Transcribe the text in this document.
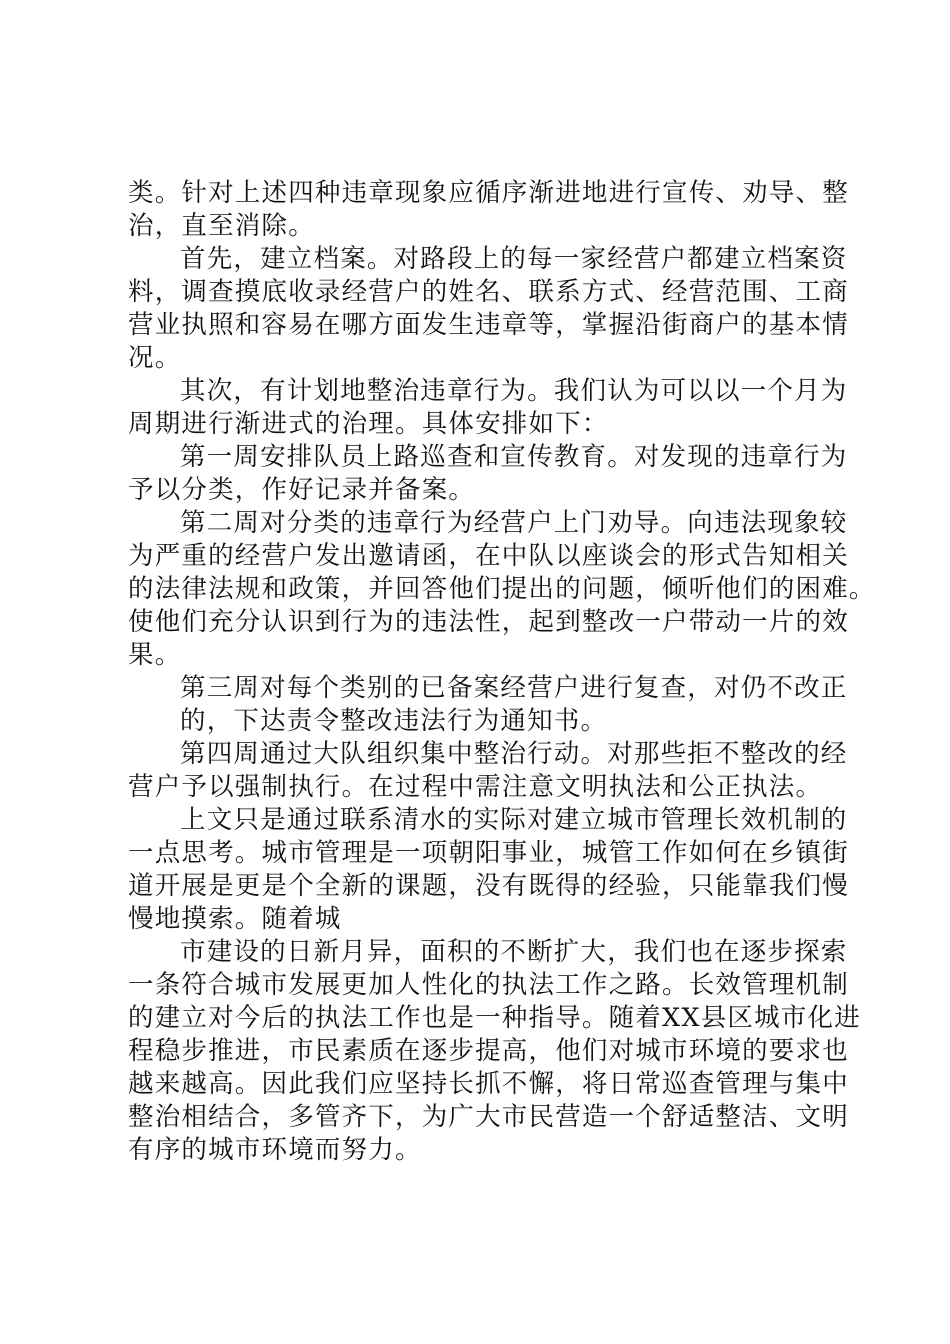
类。针对上述四种违章现象应循序渐进地进行宣传、劝导、整
治，直至消除。
首先，建立档案。对路段上的每一家经营户都建立档案资
料，调查摸底收录经营户的姓名、联系方式、经营范围、工商
营业执照和容易在哪方面发生违章等，掌握沿街商户的基本情
况。
其次，有计划地整治违章行为。我们认为可以以一个月为
周期进行渐进式的治理。具体安排如下：
第一周安排队员上路巡查和宣传教育。对发现的违章行为
予以分类，作好记录并备案。
第二周对分类的违章行为经营户上门劝导。向违法现象较
为严重的经营户发出邀请函，在中队以座谈会的形式告知相关
的法律法规和政策，并回答他们提出的问题，倾听他们的困难。
使他们充分认识到行为的违法性，起到整改一户带动一片的效
果。
第三周对每个类别的已备案经营户进行复查，对仍不改正
的，下达责令整改违法行为通知书。
第四周通过大队组织集中整治行动。对那些拒不整改的经
营户予以强制执行。在过程中需注意文明执法和公正执法。
上文只是通过联系清水的实际对建立城市管理长效机制的
一点思考。城市管理是一项朝阳事业，城管工作如何在乡镇街
道开展是更是个全新的课题，没有既得的经验，只能靠我们慢
慢地摸索。随着城
市建设的日新月异，面积的不断扩大，我们也在逐步探索
一条符合城市发展更加人性化的执法工作之路。长效管理机制
的建立对今后的执法工作也是一种指导。随着XX县区城市化进
程稳步推进，市民素质在逐步提高，他们对城市环境的要求也
越来越高。因此我们应坚持长抓不懈，将日常巡查管理与集中
整治相结合，多管齐下，为广大市民营造一个舒适整洁、文明
有序的城市环境而努力。
